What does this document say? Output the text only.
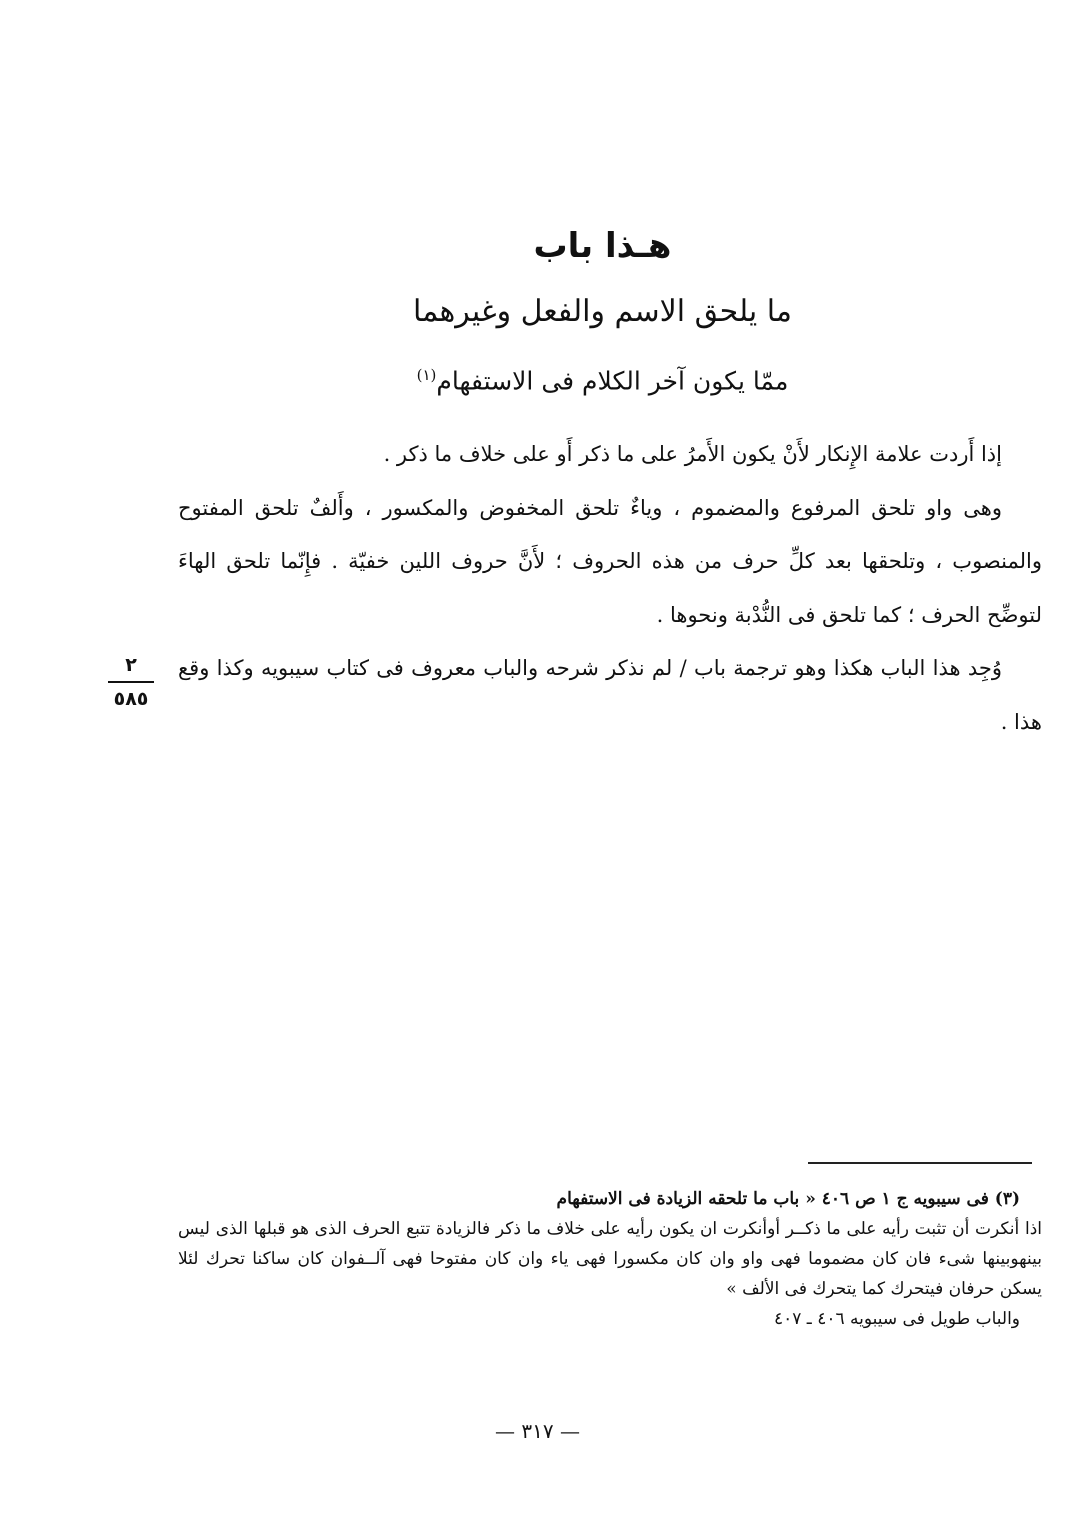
هـذا باب
ما يلحق الاسم والفعل وغيرهما
ممّا يكون آخر الكلام فى الاستفهام$^{(١)}$

إذا أَردت علامة الإِنكار لأَنْ يكون الأَمرُ على ما ذكر أَو على خلاف ما ذكر .

وهى واو تلحق المرفوع والمضموم ، وياءٌ تلحق المخفوض والمكسور ، وأَلفٌ تلحق المفتوح والمنصوب ، وتلحقها بعد كلِّ حرف من هذه الحروف ؛ لأَنَّ حروف اللين خفيّة . فإِنّما تلحق الهاءَ لتوضِّح الحرف ؛ كما تلحق فى النُّدْبة ونحوها .

وُجِد هذا الباب هكذا وهو ترجمة باب / لم نذكر شرحه والباب معروف فى كتاب سيبويه وكذا وقع هذا .

٢
٥٨٥

(٣) فى سيبويه ج ١ ص ٤٠٦ « باب ما تلحقه الزيادة فى الاستفهام

اذا أنكرت أن تثبت رأيه على ما ذكــر أوأنكرت ان يكون رأيه على خلاف ما ذكر فالزيادة تتبع الحرف الذى هو قبلها الذى ليس بينهوبينها شىء فان كان مضموما فهى واو وان كان مكسورا فهى ياء وان كان مفتوحا فهى آلــفوان كان ساكنا تحرك لئلا يسكن حرفان فيتحرك كما يتحرك فى الألف »

والباب طويل فى سيبويه ٤٠٦ ـ ٤٠٧

— ٣١٧ —
